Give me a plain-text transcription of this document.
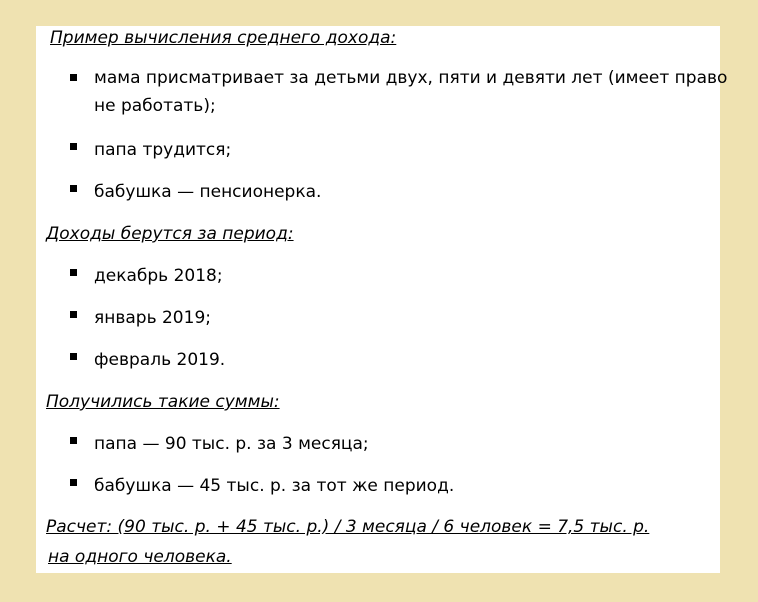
Пример вычисления среднего дохода:
мама присматривает за детьми двух, пяти и девяти лет (имеет право
не работать);
папа трудится;
бабушка — пенсионерка.
Доходы берутся за период:
декабрь 2018;
январь 2019;
февраль 2019.
Получились такие суммы:
папа — 90 тыс. р. за 3 месяца;
бабушка — 45 тыс. р. за тот же период.
Расчет: (90 тыс. р. + 45 тыс. р.) / 3 месяца / 6 человек = 7,5 тыс. р.
на одного человека.
